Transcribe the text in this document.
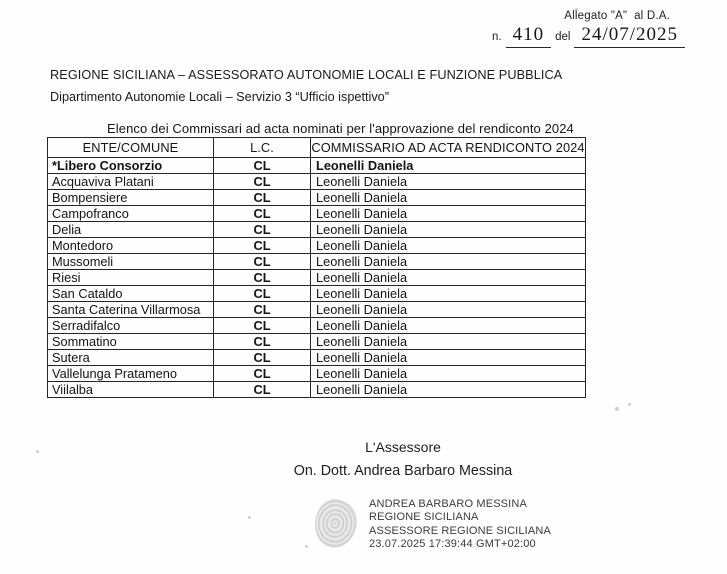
Allegato "A"  al D.A.
n. 410 del 24/07/2025
REGIONE SICILIANA – ASSESSORATO AUTONOMIE LOCALI E FUNZIONE PUBBLICA
Dipartimento Autonomie Locali – Servizio 3 “Ufficio ispettivo”
Elenco dei Commissari ad acta nominati per l'approvazione del rendiconto 2024
ENTE/COMUNE	L.C.	COMMISSARIO AD ACTA RENDICONTO 2024
*Libero Consorzio	CL	Leonelli Daniela
Acquaviva Platani	CL	Leonelli Daniela
Bompensiere	CL	Leonelli Daniela
Campofranco	CL	Leonelli Daniela
Delia	CL	Leonelli Daniela
Montedoro	CL	Leonelli Daniela
Mussomeli	CL	Leonelli Daniela
Riesi	CL	Leonelli Daniela
San Cataldo	CL	Leonelli Daniela
Santa Caterina Villarmosa	CL	Leonelli Daniela
Serradifalco	CL	Leonelli Daniela
Sommatino	CL	Leonelli Daniela
Sutera	CL	Leonelli Daniela
Vallelunga Pratameno	CL	Leonelli Daniela
Viilalba	CL	Leonelli Daniela
L'Assessore
On. Dott. Andrea Barbaro Messina
ANDREA BARBARO MESSINA
REGIONE SICILIANA
ASSESSORE REGIONE SICILIANA
23.07.2025 17:39:44 GMT+02:00
